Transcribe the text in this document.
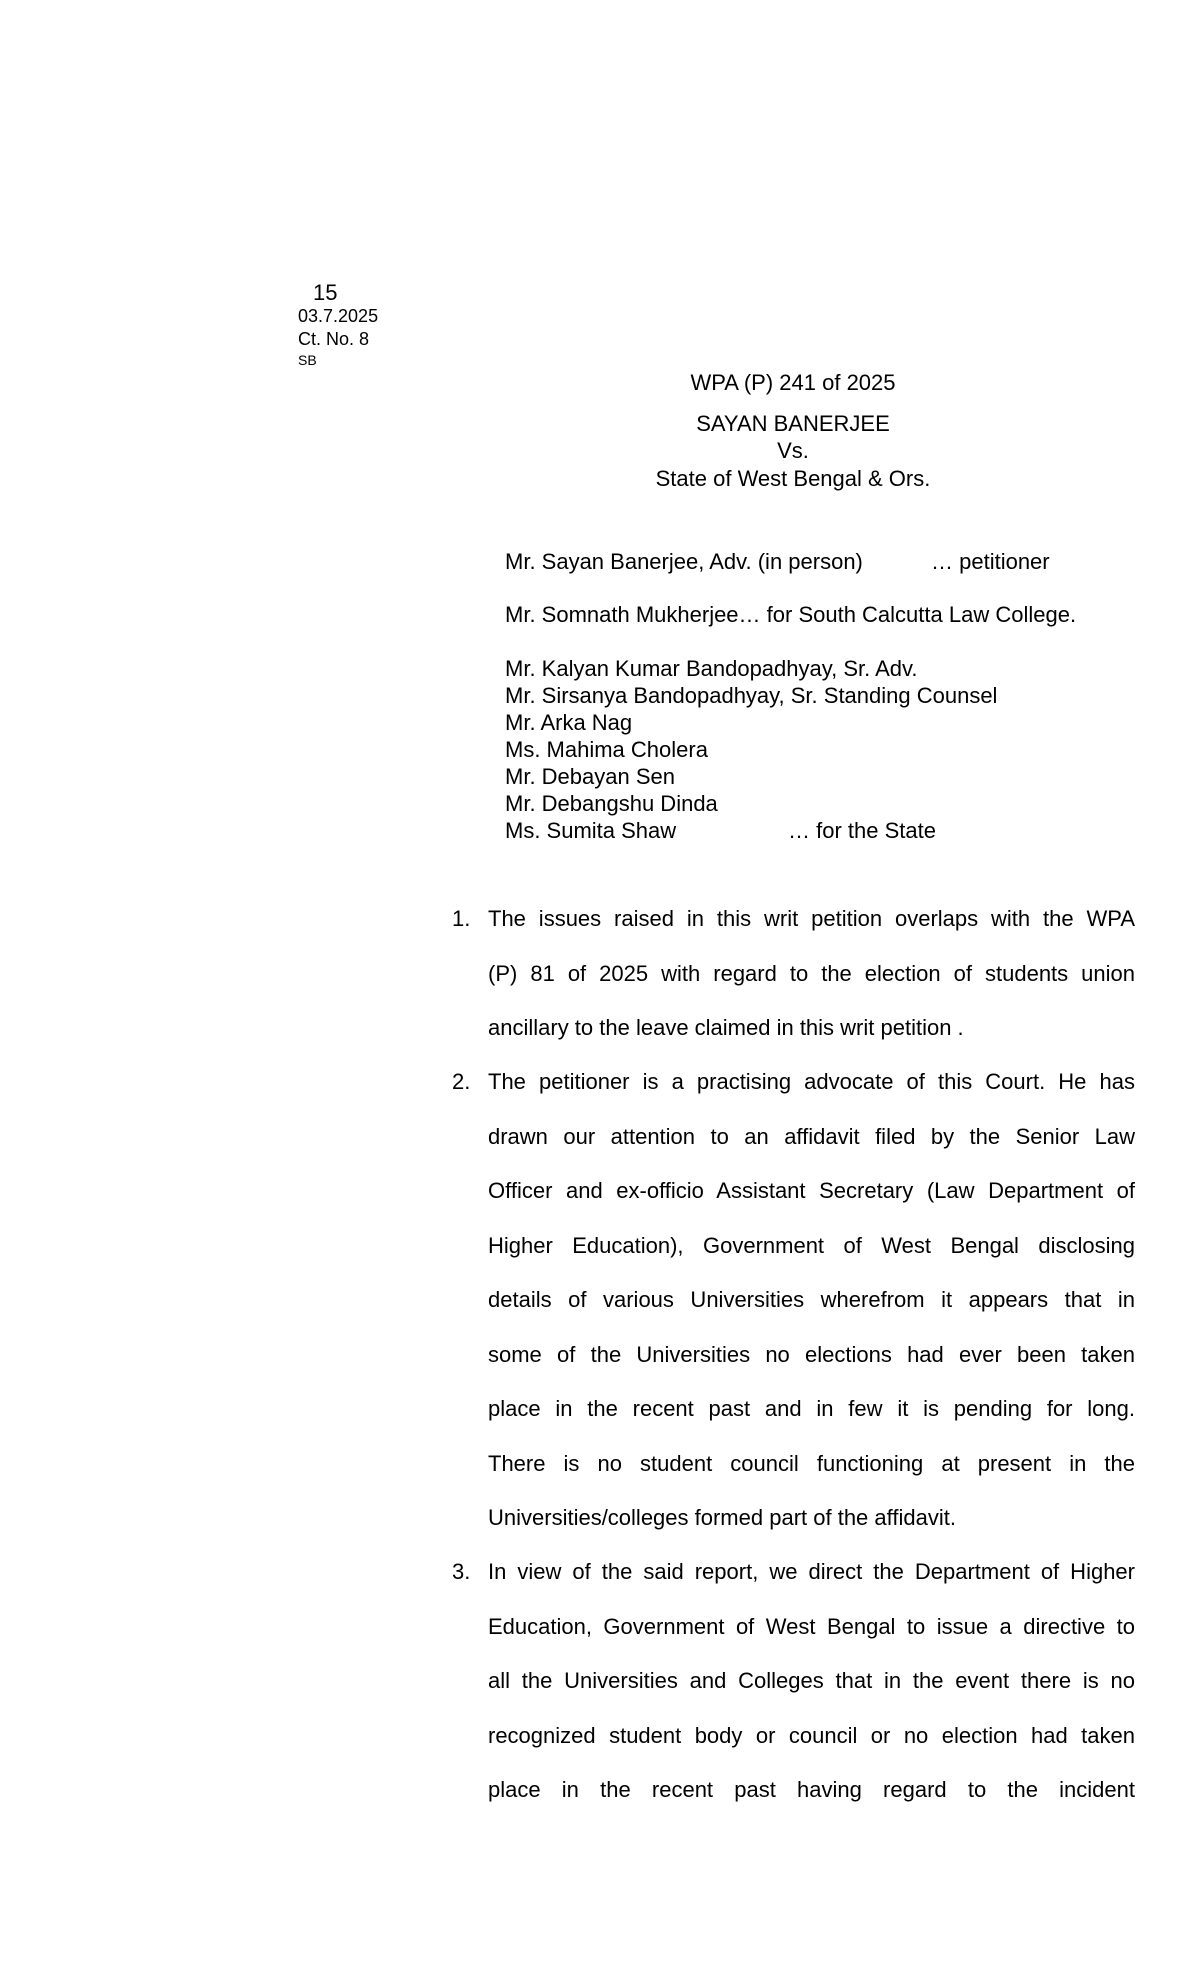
15
03.7.2025
Ct. No. 8
SB
WPA (P) 241 of 2025
SAYAN BANERJEE
Vs.
State of West Bengal & Ors.
Mr. Sayan Banerjee, Adv. (in person)	… petitioner
Mr. Somnath Mukherjee… for South Calcutta Law College.
Mr. Kalyan Kumar Bandopadhyay, Sr. Adv.
Mr. Sirsanya Bandopadhyay, Sr. Standing Counsel
Mr. Arka Nag
Ms. Mahima Cholera
Mr. Debayan Sen
Mr. Debangshu Dinda
Ms. Sumita Shaw	… for the State
1. The issues raised in this writ petition overlaps with the WPA
(P) 81 of 2025 with regard to the election of students union
ancillary to the leave claimed in this writ petition .
2. The petitioner is a practising advocate of this Court. He has
drawn our attention to an affidavit filed by the Senior Law
Officer and ex-officio Assistant Secretary (Law Department of
Higher Education), Government of West Bengal disclosing
details of various Universities wherefrom it appears that in
some of the Universities no elections had ever been taken
place in the recent past and in few it is pending for long.
There is no student council functioning at present in the
Universities/colleges formed part of the affidavit.
3. In view of the said report, we direct the Department of Higher
Education, Government of West Bengal to issue a directive to
all the Universities and Colleges that in the event there is no
recognized student body or council or no election had taken
place in the recent past having regard to the incident
